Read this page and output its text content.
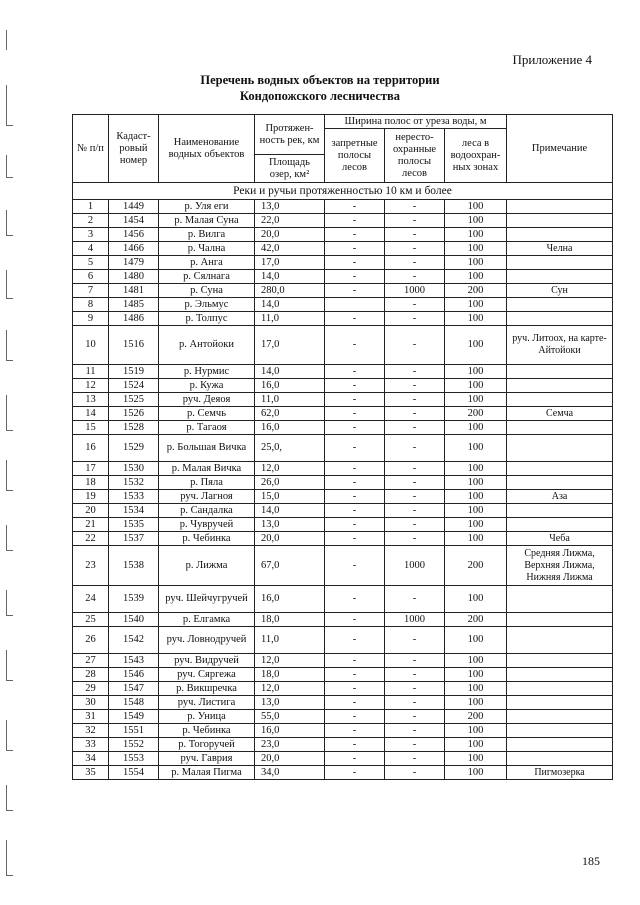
Приложение 4
Перечень водных объектов на территории
Кондопожского лесничества
№ п/п	Кадаст-ровый номер	Наименование водных объектов	Протяжен-ность рек, км	Ширина полос от уреза воды, м			Примечание
				запретные полосы лесов	нересто-охранные полосы лесов	леса в водоохран-ных зонах	
			Площадь озер, км²				
Реки и ручьи протяженностью 10 км и более							
1	1449	р. Уля еги	13,0	-	-	100	
2	1454	р. Малая Суна	22,0	-	-	100	
3	1456	р. Вилга	20,0	-	-	100	
4	1466	р. Чална	42,0	-	-	100	Челна
5	1479	р. Анга	17,0	-	-	100	
6	1480	р. Сялнага	14,0	-	-	100	
7	1481	р. Суна	280,0	-	1000	200	Сун
8	1485	р. Эльмус	14,0		-	100	
9	1486	р. Толпус	11,0	-	-	100	
10	1516	р. Антойоки	17,0	-	-	100	руч. Литоох, на карте-Айтойоки
11	1519	р. Нурмис	14,0	-	-	100	
12	1524	р. Кужа	16,0	-	-	100	
13	1525	руч. Деяоя	11,0	-	-	100	
14	1526	р. Семчь	62,0	-	-	200	Семча
15	1528	р. Тагаоя	16,0	-	-	100	
16	1529	р. Большая Вичка	25,0,	-	-	100	
17	1530	р. Малая Вичка	12,0	-	-	100	
18	1532	р. Пяла	26,0	-	-	100	
19	1533	руч. Лагноя	15,0	-	-	100	Аза
20	1534	р. Сандалка	14,0	-	-	100	
21	1535	р. Чувручей	13,0	-	-	100	
22	1537	р. Чебинка	20,0	-	-	100	Чеба
23	1538	р. Лижма	67,0	-	1000	200	Средняя Лижма, Верхняя Лижма, Нижняя Лижма
24	1539	руч. Шейчугручей	16,0	-	-	100	
25	1540	р. Елгамка	18,0	-	1000	200	
26	1542	руч. Ловнодручей	11,0	-	-	100	
27	1543	руч. Видручей	12,0	-	-	100	
28	1546	руч. Сяргежа	18,0	-	-	100	
29	1547	р. Викшречка	12,0	-	-	100	
30	1548	руч. Листига	13,0	-	-	100	
31	1549	р. Уница	55,0	-	-	200	
32	1551	р. Чебинка	16,0	-	-	100	
33	1552	р. Тогоручей	23,0	-	-	100	
34	1553	руч. Гаврия	20,0	-	-	100	
35	1554	р. Малая Пигма	34,0	-	-	100	Пигмозерка
185
